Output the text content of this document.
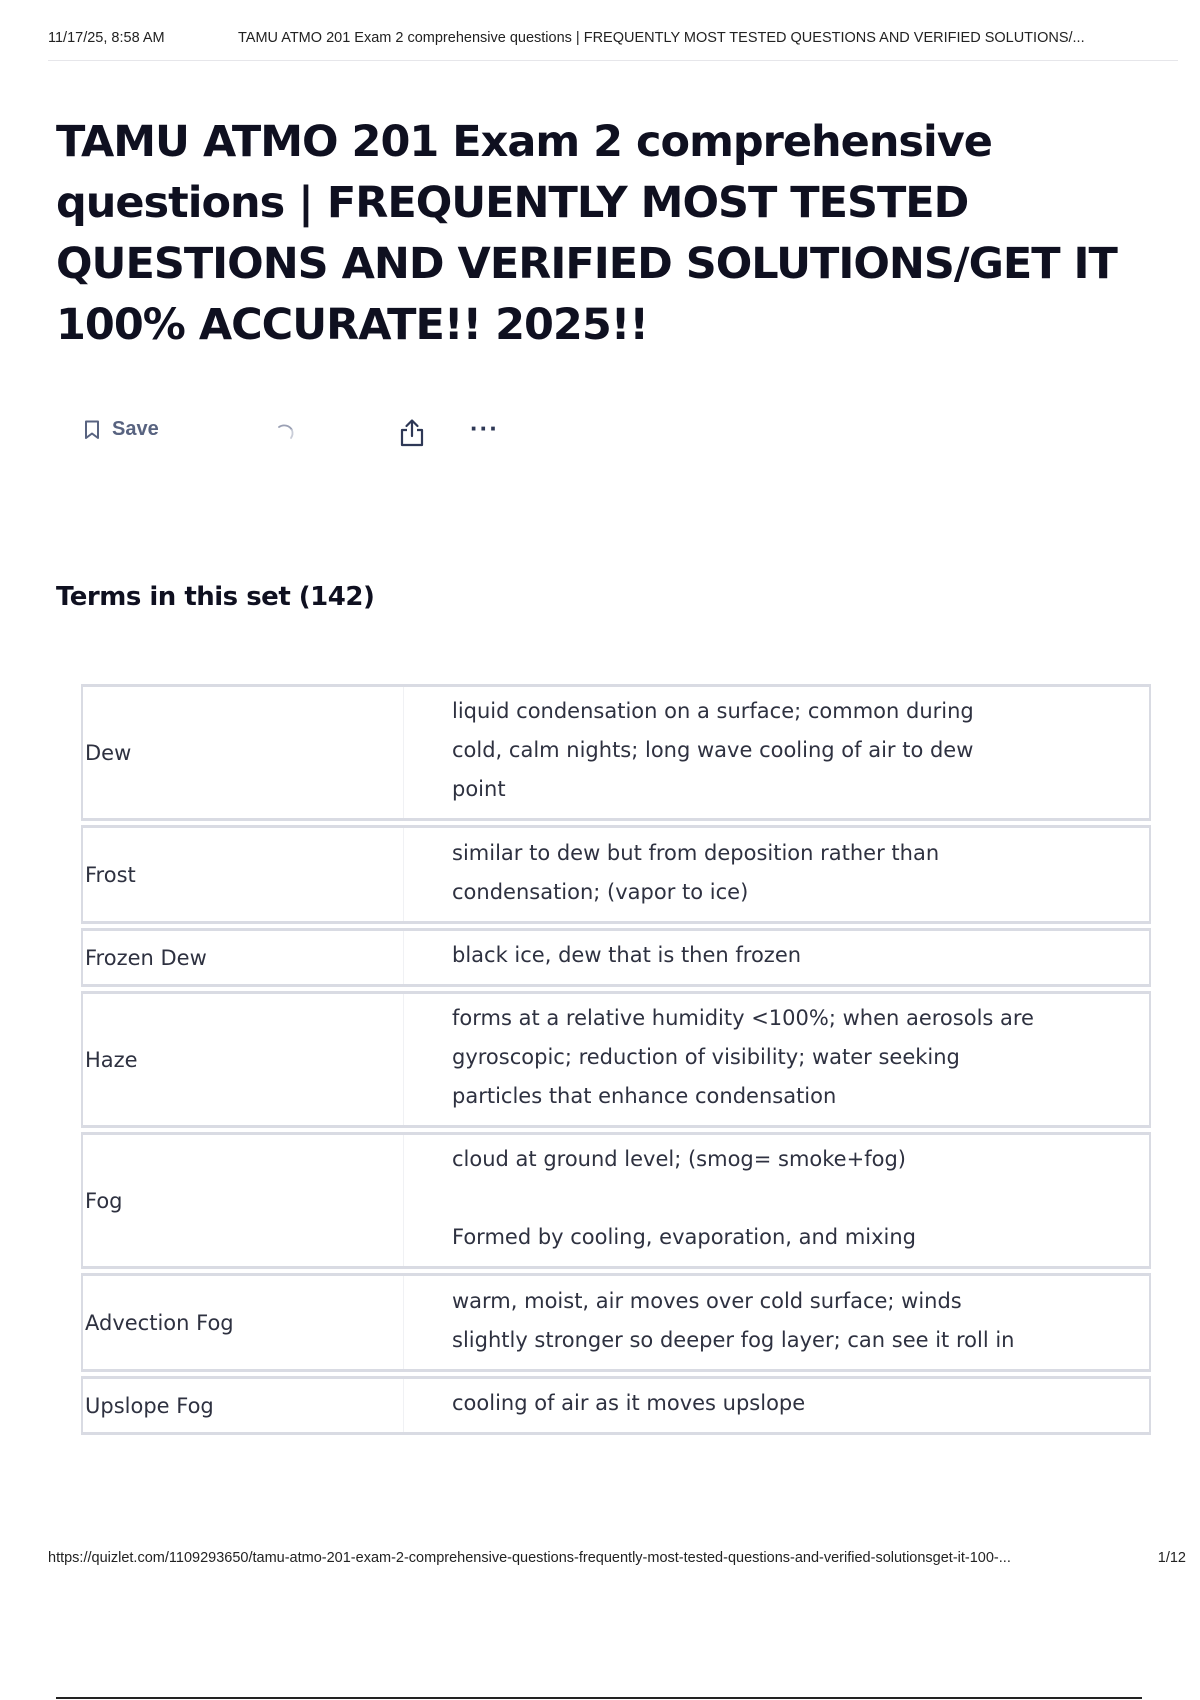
11/17/25, 8:58 AM	TAMU ATMO 201 Exam 2 comprehensive questions | FREQUENTLY MOST TESTED QUESTIONS AND VERIFIED SOLUTIONS/...
TAMU ATMO 201 Exam 2 comprehensive questions | FREQUENTLY MOST TESTED QUESTIONS AND VERIFIED SOLUTIONS/GET IT 100% ACCURATE!! 2025!!
Save	···
Terms in this set (142)
Dew	liquid condensation on a surface; common during
cold, calm nights; long wave cooling of air to dew
point

Frost	similar to dew but from deposition rather than
condensation; (vapor to ice)

Frozen Dew	black ice, dew that is then frozen

Haze	forms at a relative humidity <100%; when aerosols are
gyroscopic; reduction of visibility; water seeking
particles that enhance condensation

Fog	cloud at ground level; (smog= smoke+fog)

Formed by cooling, evaporation, and mixing

Advection Fog	warm, moist, air moves over cold surface; winds
slightly stronger so deeper fog layer; can see it roll in

Upslope Fog	cooling of air as it moves upslope
https://quizlet.com/1109293650/tamu-atmo-201-exam-2-comprehensive-questions-frequently-most-tested-questions-and-verified-solutionsget-it-100-...	1/12
